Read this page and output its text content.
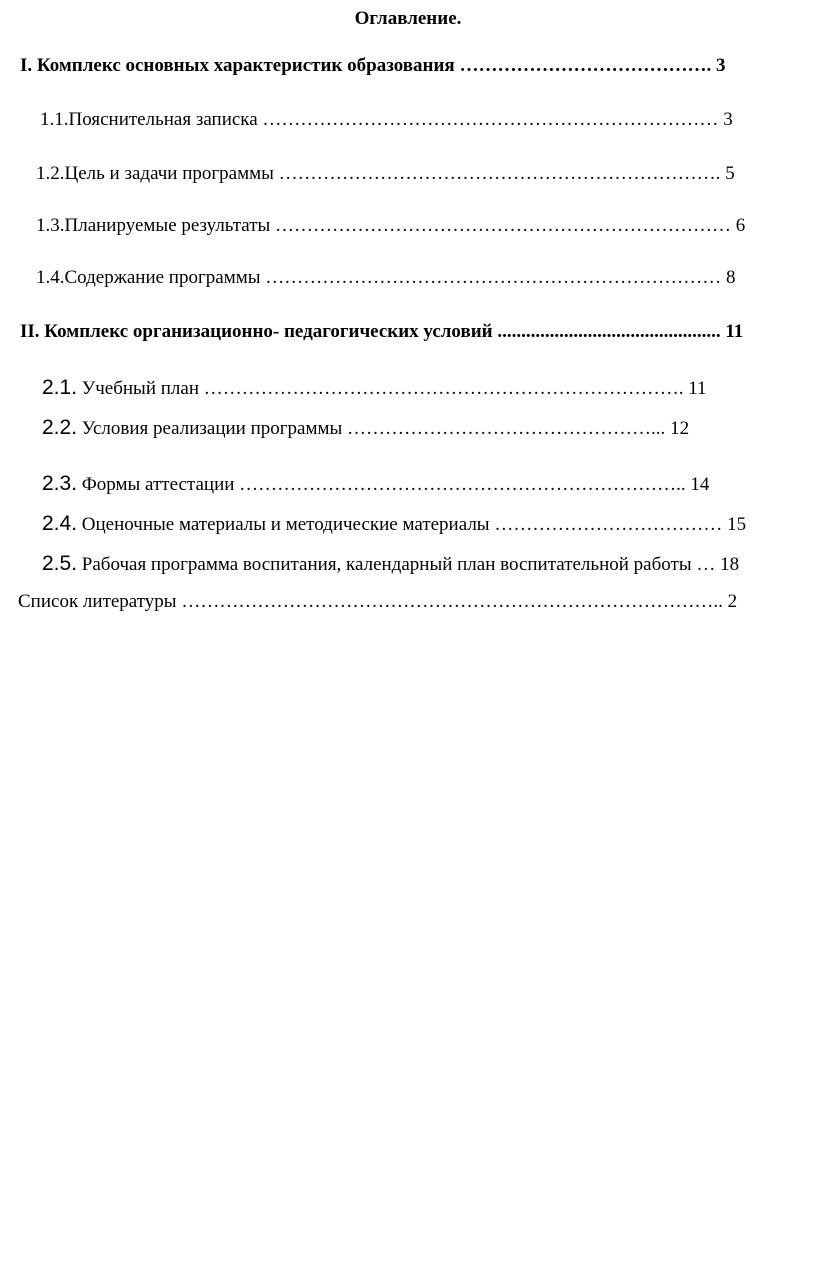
Оглавление.
I. Комплекс основных характеристик образования …………………………………. 3
1.1.Пояснительная записка ……………………………………………………………… 3
1.2.Цель и задачи программы ……………………………………………………………. 5
1.3.Планируемые результаты ……………………………………………………………… 6
1.4.Содержание программы ……………………………………………………………… 8
II. Комплекс организационно- педагогических условий ............................................... 11
2.1. Учебный план …………………………………………………………………. 11
2.2. Условия реализации программы …………………………………………... 12
2.3. Формы аттестации …………………………………………………………….. 14
2.4. Оценочные материалы и методические материалы ……………………………… 15
2.5. Рабочая программа воспитания, календарный план воспитательной работы … 18
Список литературы ………………………………………………………………………….. 2
